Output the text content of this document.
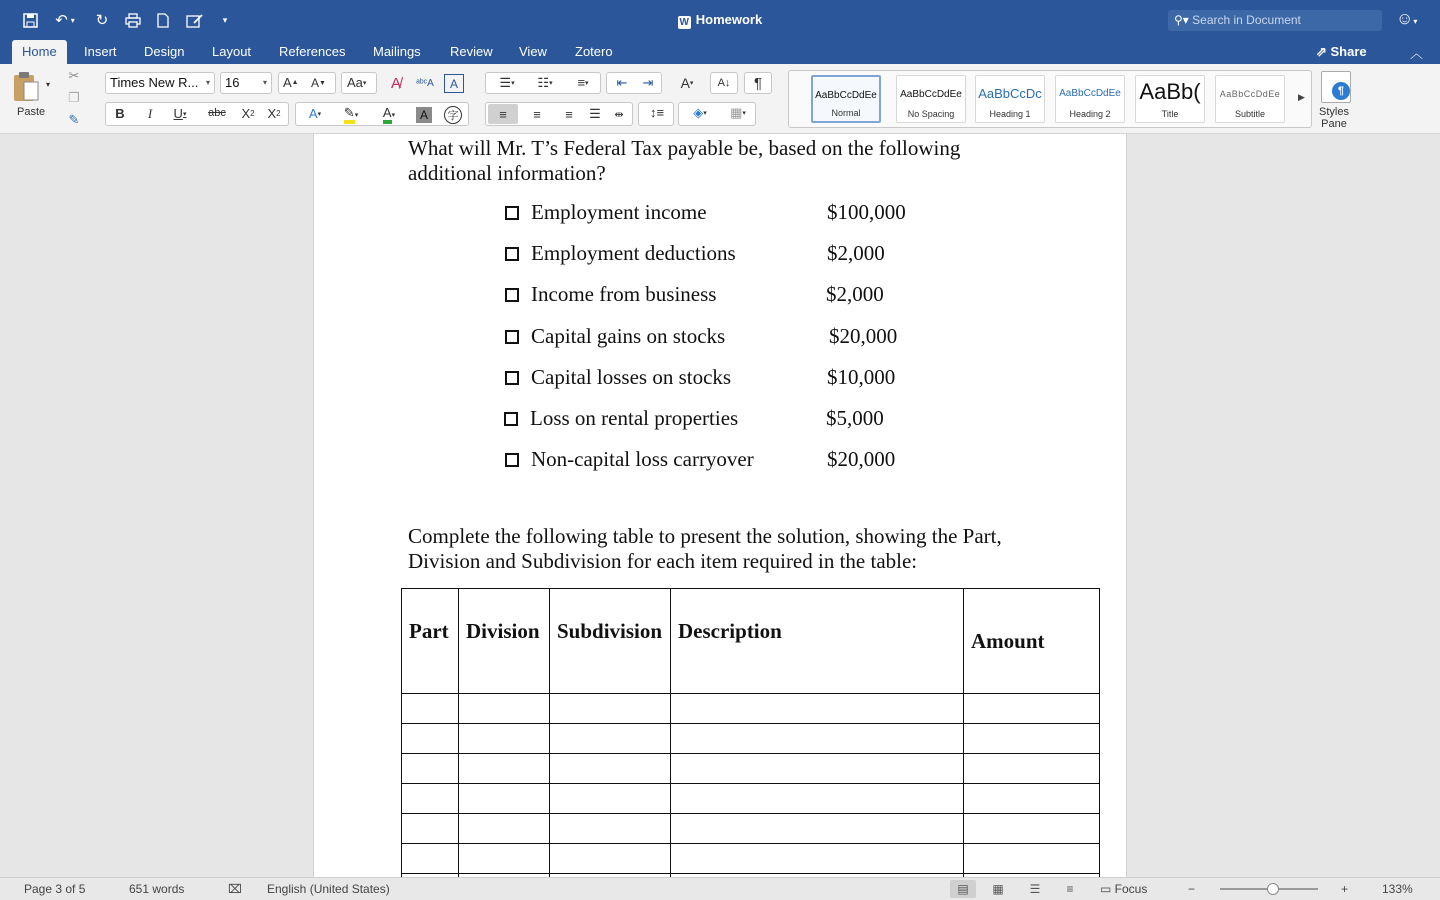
↶ ▾ ↻	▾	W Homework	⚲▾ Search in Document	☺▾
Home	Insert Design Layout References Mailings Review View Zotero	⇗ Share	︿
▾
Paste
✂
❐
✎
Times New R... ▾	16	▾ A ▲ A ▼ Aa ▾	A̸	ᵃᵇᶜA	A
B	I	U ▾	abc	X 2 X 2	A ▾ ✎ ▾ A ▾	A	字
☰ ▾	☷ ▾	≡ ▾	⇤	⇥	A ▾	A↓	¶
≡	≡	≡	☰	⇹	↕≡	◈ ▾	▦ ▾
AaBbCcDdEe
Normal
AaBbCcDdEe
No Spacing
AaBbCcDc
Heading 1
AaBbCcDdEe
Heading 2
AaBb(
Title
AaBbCcDdEe
Subtitle
▶	¶
Styles Pane
What will Mr. T’s Federal Tax payable be, based on the following
additional information?
Employment income	$100,000
Employment deductions	$2,000
Income from business	$2,000
Capital gains on stocks	$20,000
Capital losses on stocks	$10,000
Loss on rental properties	$5,000
Non-capital loss carryover	$20,000
Complete the following table to present the solution, showing the Part,
Division and Subdivision for each item required in the table:
Part	Division	Subdivision	Description	Amount

Page 3 of 5	651 words	⌧ English (United States)	▤	▦	☰	≡	▭ Focus	−	+	133%
